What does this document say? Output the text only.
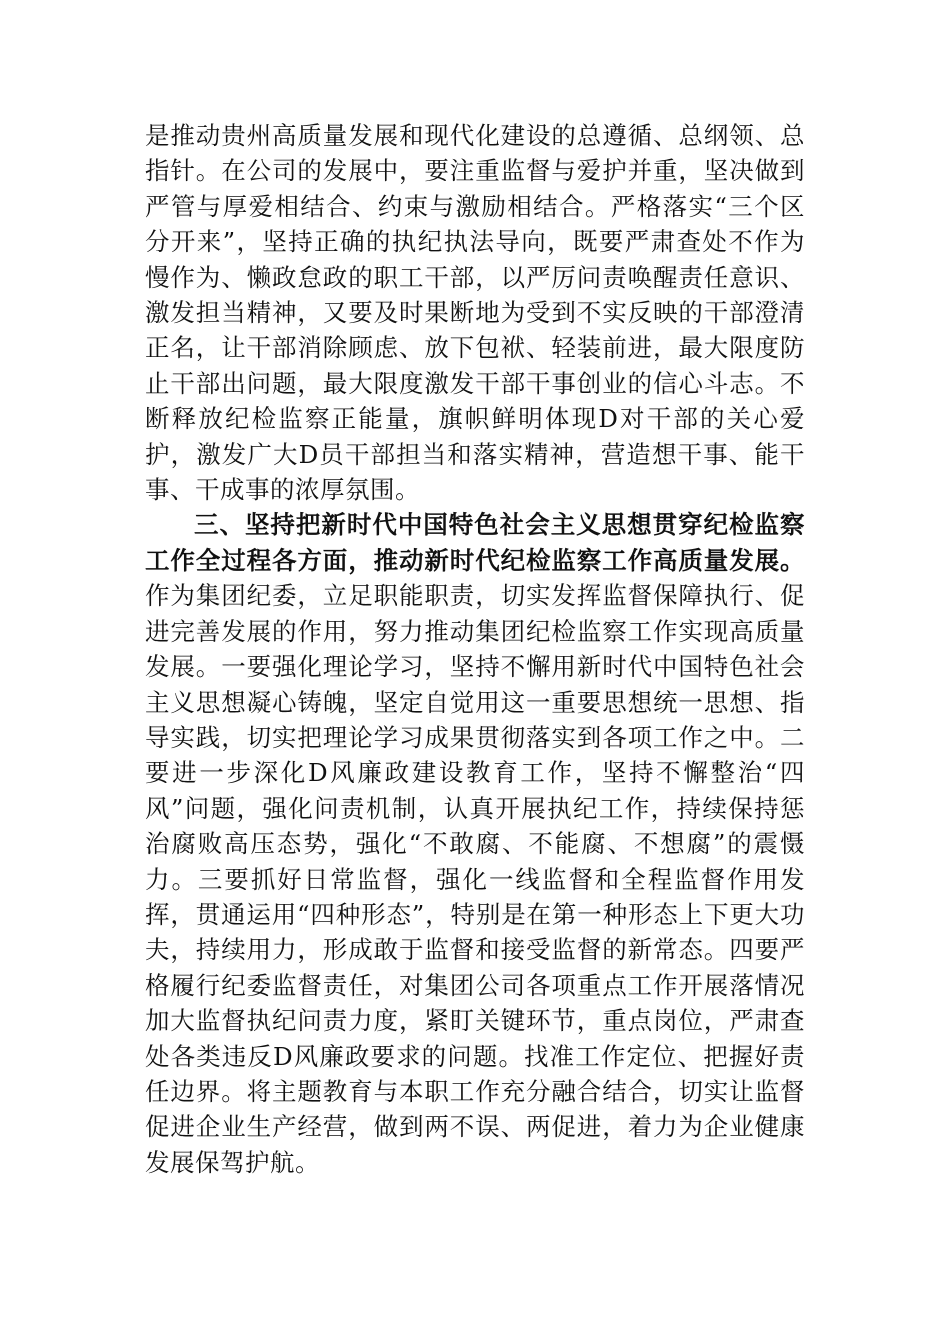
是推动贵州高质量发展和现代化建设的总遵循、总纲领、总指针。在公司的发展中，要注重监督与爱护并重，坚决做到严管与厚爱相结合、约束与激励相结合。严格落实“三个区分开来”，坚持正确的执纪执法导向，既要严肃查处不作为慢作为、懒政怠政的职工干部，以严厉问责唤醒责任意识、激发担当精神，又要及时果断地为受到不实反映的干部澄清正名，让干部消除顾虑、放下包袱、轻装前进，最大限度防止干部出问题，最大限度激发干部干事创业的信心斗志。不断释放纪检监察正能量，旗帜鲜明体现D对干部的关心爱护，激发广大D员干部担当和落实精神，营造想干事、能干事、干成事的浓厚氛围。

三、坚持把新时代中国特色社会主义思想贯穿纪检监察工作全过程各方面，推动新时代纪检监察工作高质量发展。作为集团纪委，立足职能职责，切实发挥监督保障执行、促进完善发展的作用，努力推动集团纪检监察工作实现高质量发展。一要强化理论学习，坚持不懈用新时代中国特色社会主义思想凝心铸魄，坚定自觉用这一重要思想统一思想、指导实践，切实把理论学习成果贯彻落实到各项工作之中。二要进一步深化D风廉政建设教育工作，坚持不懈整治“四风”问题，强化问责机制，认真开展执纪工作，持续保持惩治腐败高压态势，强化“不敢腐、不能腐、不想腐”的震慑力。三要抓好日常监督，强化一线监督和全程监督作用发挥，贯通运用“四种形态”，特别是在第一种形态上下更大功夫，持续用力，形成敢于监督和接受监督的新常态。四要严格履行纪委监督责任，对集团公司各项重点工作开展落情况加大监督执纪问责力度，紧盯关键环节，重点岗位，严肃查处各类违反D风廉政要求的问题。找准工作定位、把握好责任边界。将主题教育与本职工作充分融合结合，切实让监督促进企业生产经营，做到两不误、两促进，着力为企业健康发展保驾护航。
